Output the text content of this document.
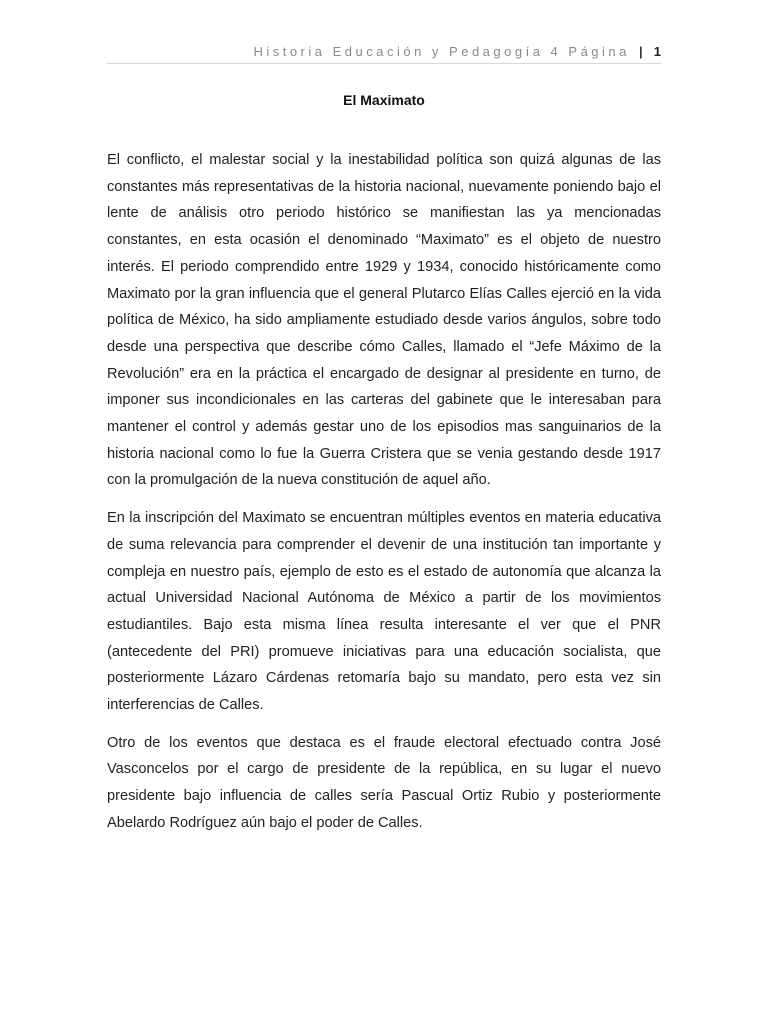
Historia Educación y Pedagogía 4 Página | 1
El Maximato

El conflicto, el malestar social y la inestabilidad política son quizá algunas de las constantes más representativas de la historia nacional, nuevamente poniendo bajo el lente de análisis otro periodo histórico se manifiestan las ya mencionadas constantes, en esta ocasión el denominado “Maximato” es el objeto de nuestro interés. El periodo comprendido entre 1929 y 1934, conocido históricamente como Maximato por la gran influencia que el general Plutarco Elías Calles ejerció en la vida política de México, ha sido ampliamente estudiado desde varios ángulos, sobre todo desde una perspectiva que describe cómo Calles, llamado el “Jefe Máximo de la Revolución” era en la práctica el encargado de designar al presidente en turno, de imponer sus incondicionales en las carteras del gabinete que le interesaban para mantener el control y además gestar uno de los episodios mas sanguinarios de la historia nacional como lo fue la Guerra Cristera que se venia gestando desde 1917 con la promulgación de la nueva constitución de aquel año.

En la inscripción del Maximato se encuentran múltiples eventos en materia educativa de suma relevancia para comprender el devenir de una institución tan importante y compleja en nuestro país, ejemplo de esto es el estado de autonomía que alcanza la actual Universidad Nacional Autónoma de México a partir de los movimientos estudiantiles. Bajo esta misma línea resulta interesante el ver que el PNR (antecedente del PRI) promueve iniciativas para una educación socialista, que posteriormente Lázaro Cárdenas retomaría bajo su mandato, pero esta vez sin interferencias de Calles.

Otro de los eventos que destaca es el fraude electoral efectuado contra José Vasconcelos por el cargo de presidente de la república, en su lugar el nuevo presidente bajo influencia de calles sería Pascual Ortiz Rubio y posteriormente Abelardo Rodríguez aún bajo el poder de Calles.
